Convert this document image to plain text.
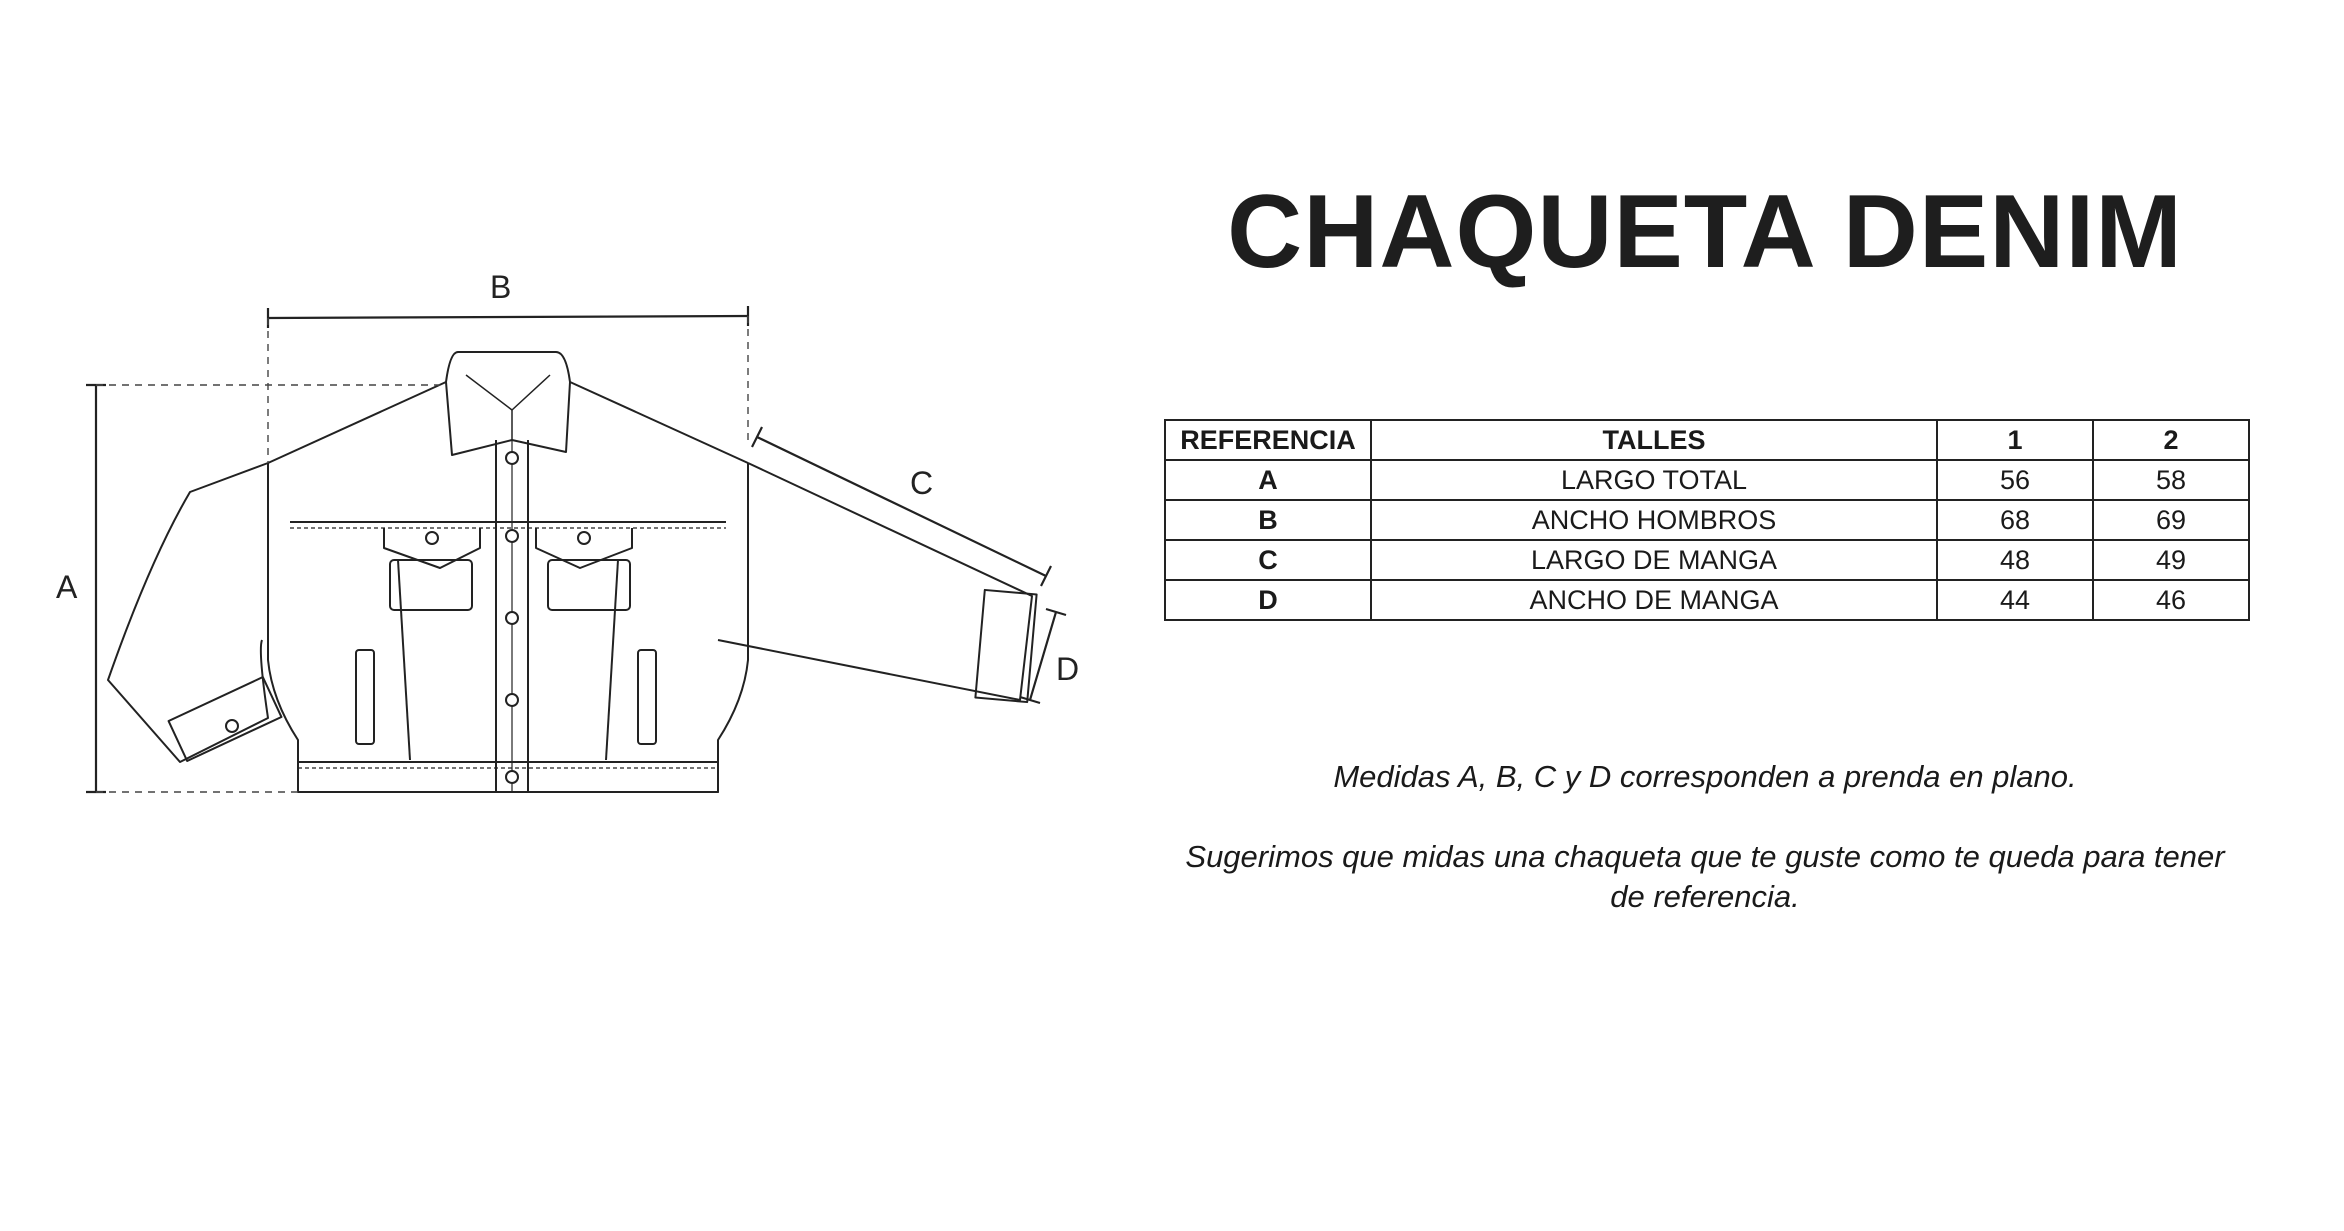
A
B
C
D
CHAQUETA DENIM
REFERENCIA	TALLES	1	2
A	LARGO TOTAL	56	58
B	ANCHO HOMBROS	68	69
C	LARGO DE MANGA	48	49
D	ANCHO DE MANGA	44	46

Medidas A, B, C y D corresponden a prenda en plano.

Sugerimos que midas una chaqueta que te guste como te queda para tener
de referencia.
